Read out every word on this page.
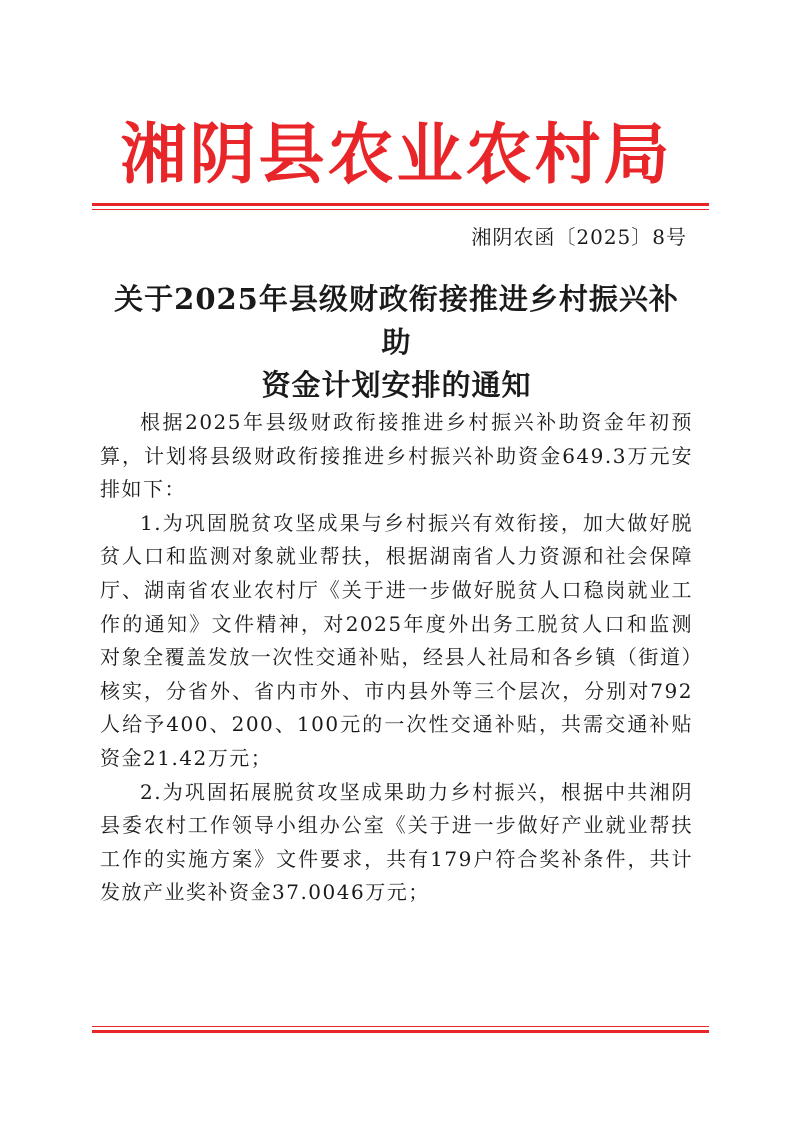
湘阴县农业农村局
湘阴农函〔2025〕8号
关于2025年县级财政衔接推进乡村振兴补助
资金计划安排的通知

根据2025年县级财政衔接推进乡村振兴补助资金年初预算，计划将县级财政衔接推进乡村振兴补助资金649.3万元安排如下：

1.为巩固脱贫攻坚成果与乡村振兴有效衔接，加大做好脱贫人口和监测对象就业帮扶，根据湖南省人力资源和社会保障厅、湖南省农业农村厅《关于进一步做好脱贫人口稳岗就业工作的通知》文件精神，对2025年度外出务工脱贫人口和监测对象全覆盖发放一次性交通补贴，经县人社局和各乡镇（街道）核实，分省外、省内市外、市内县外等三个层次，分别对792人给予400、200、100元的一次性交通补贴，共需交通补贴资金21.42万元；

2.为巩固拓展脱贫攻坚成果助力乡村振兴，根据中共湘阴县委农村工作领导小组办公室《关于进一步做好产业就业帮扶工作的实施方案》文件要求，共有179户符合奖补条件，共计发放产业奖补资金37.0046万元；
